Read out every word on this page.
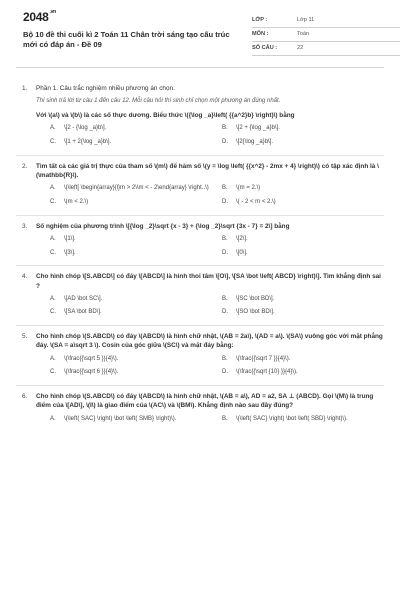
$2048^{.vn}$
Bộ 10 đề thi cuối kì 2 Toán 11 Chân trời sáng tạo cấu trúc mới có đáp án - Đề 09
LỚP :	Lớp 11
MÔN :	Toán
SỐ CÂU :	22
1. Phần 1. Câu trắc nghiệm nhiều phương án chọn.
Thí sinh trả lời từ câu 1 đến câu 12. Mỗi câu hỏi thí sinh chỉ chọn một phương án đúng nhất.
Với \(a\) và \(b\) là các số thực dương. Biểu thức \({\log _a}\left( {{a^2}b} \right)\) bằng
A.	\[2 - {\log _a}b\].	B.	\[2 + {\log _a}b\].
C.	\[1 + 2{\log _a}b\].	D.	\[2{\log _a}b\].
2. Tìm tất cả các giá trị thực của tham số \(m\) để hàm số \(y = \log \left( {{x^2} - 2mx + 4} \right)\) có tập xác định là \(\mathbb{R}\).
A.	\(\left[ \begin{array}{l}m > 2\\m < - 2\end{array} \right..\)	B.	\(m = 2.\)
C.	\(m < 2.\)	D.	\( - 2 < m < 2.\)
3. Số nghiệm của phương trình \[{\log _2}\sqrt {x - 3} + {\log _2}\sqrt {3x - 7} = 2\] bằng
A.	\[1\].	B.	\[2\].
C.	\[3\].	D.	\[0\].
4. Cho hình chóp \[S.ABCD\] có đáy \[ABCD\] là hình thoi tâm \[O\], \[SA \bot \left( ABCD} \right)\]. Tìm khẳng định sai ?
A.	\[AD \bot SC\].	B.	\[SC \bot BD\].
C.	\[SA \bot BD\].	D.	\[SO \bot BD\].
5. Cho hình chóp \(S.ABCD\) có đáy \(ABCD\) là hình chữ nhật, \(AB = 2a\), \(AD = a\). \(SA\) vuông góc với mặt phẳng đáy. \(SA = a\sqrt 3 \). Cosin của góc giữa \(SC\) và mặt đáy bằng:
A.	\(\frac{{\sqrt 5 }}{4}\).	B.	\(\frac{{\sqrt 7 }}{4}\).
C.	\(\frac{{\sqrt 6 }}{4}\).	D.	\(\frac{{\sqrt {10} }}{4}\).
6. Cho hình chóp \(S.ABCD\) có đáy \(ABCD\) là hình chữ nhật, \(AB = a\), AD = a2, SA ⊥ (ABCD). Gọi \(M\) là trung điểm của \[AD\], \(I\) là giao điểm của \(AC\) và \(BM\). Khẳng định nào sau đây đúng?
A.	\(\left( SAC} \right) \bot \left( SMB} \right)\).	B.	\(\left( SAC} \right) \bot \left( SBD} \right)\).
